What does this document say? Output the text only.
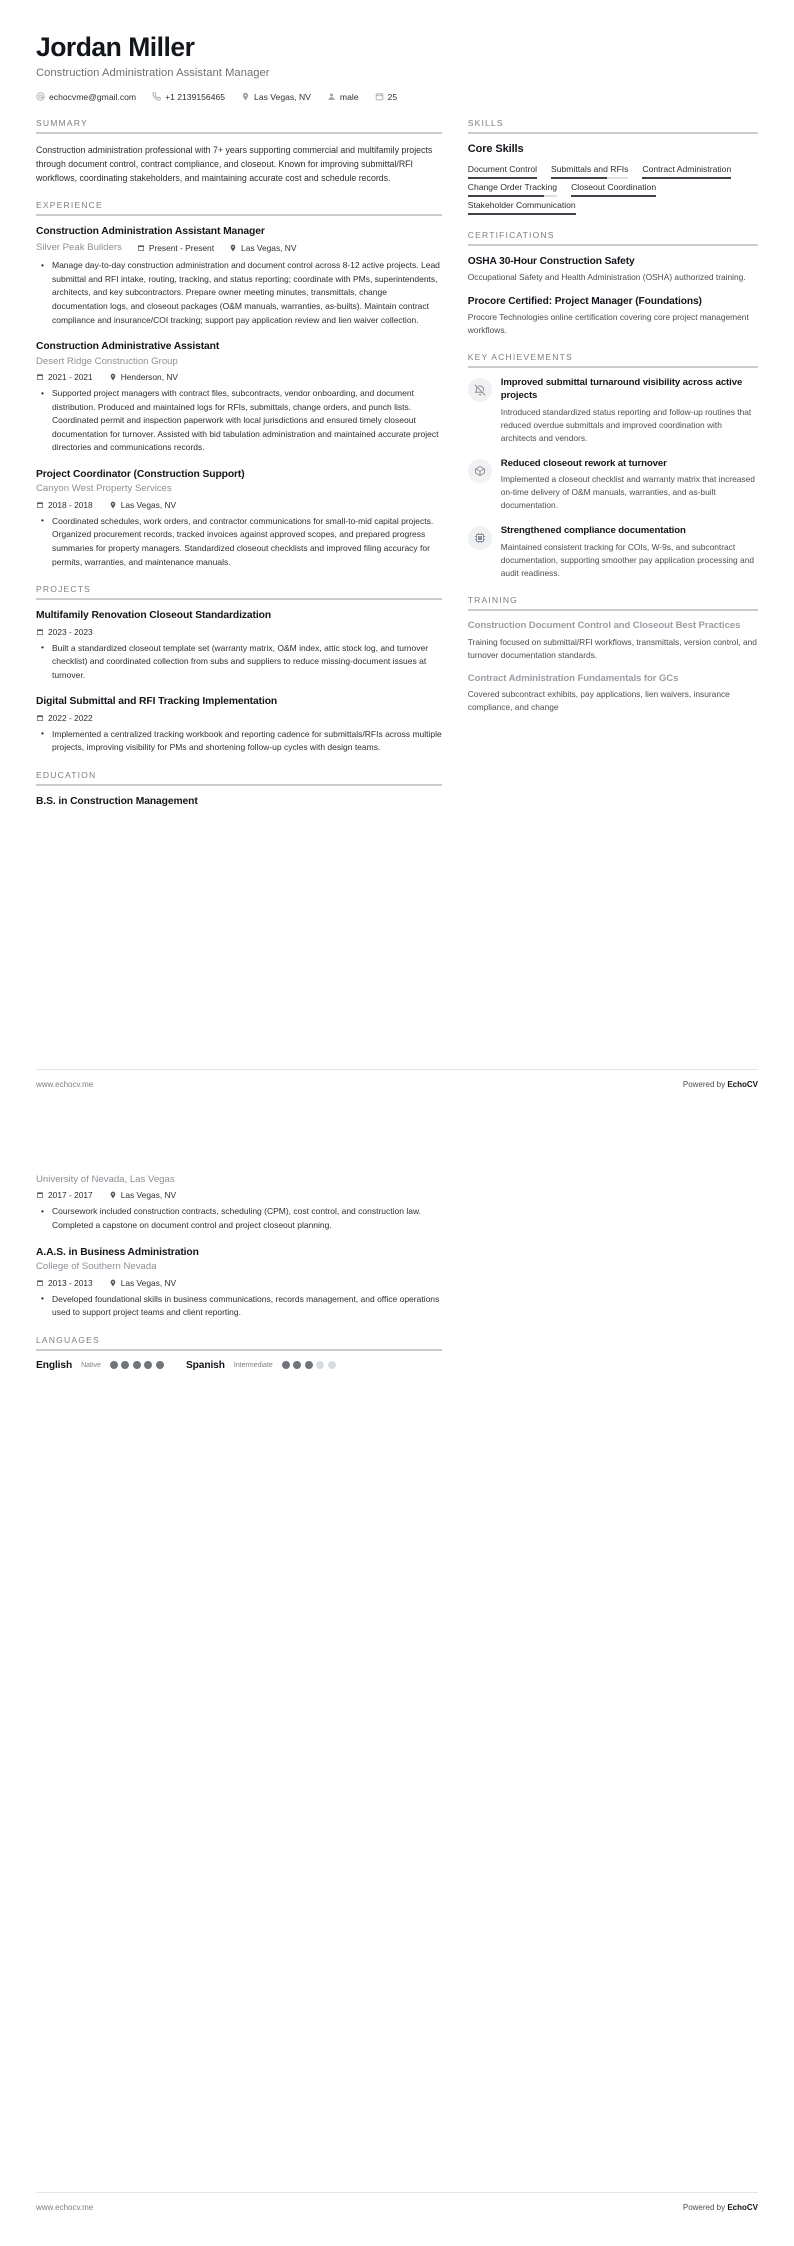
Jordan Miller
Construction Administration Assistant Manager
echocvme@gmail.com	+1 2139156465	Las Vegas, NV	male	25
SUMMARY
Construction administration professional with 7+ years supporting commercial and multifamily projects through document control, contract compliance, and closeout. Known for improving submittal/RFI workflows, coordinating stakeholders, and maintaining accurate cost and schedule records.
EXPERIENCE
Construction Administration Assistant Manager
Silver Peak Builders	Present - Present	Las Vegas, NV
• Manage day-to-day construction administration and document control across 8-12 active projects. Lead submittal and RFI intake, routing, tracking, and status reporting; coordinate with PMs, superintendents, architects, and key subcontractors. Prepare owner meeting minutes, transmittals, change documentation logs, and closeout packages (O&M manuals, warranties, as-builts). Maintain contract compliance and insurance/COI tracking; support pay application review and lien waiver collection.
Construction Administrative Assistant
Desert Ridge Construction Group
2021 - 2021	Henderson, NV
• Supported project managers with contract files, subcontracts, vendor onboarding, and document distribution. Produced and maintained logs for RFIs, submittals, change orders, and punch lists. Coordinated permit and inspection paperwork with local jurisdictions and ensured timely closeout documentation for turnover. Assisted with bid tabulation administration and maintained accurate project directories and communications records.
Project Coordinator (Construction Support)
Canyon West Property Services
2018 - 2018	Las Vegas, NV
• Coordinated schedules, work orders, and contractor communications for small-to-mid capital projects. Organized procurement records, tracked invoices against approved scopes, and prepared progress summaries for property managers. Standardized closeout checklists and improved filing accuracy for permits, warranties, and maintenance manuals.
PROJECTS
Multifamily Renovation Closeout Standardization
2023 - 2023
• Built a standardized closeout template set (warranty matrix, O&M index, attic stock log, and turnover checklist) and coordinated collection from subs and suppliers to reduce missing-document issues at turnover.
Digital Submittal and RFI Tracking Implementation
2022 - 2022
• Implemented a centralized tracking workbook and reporting cadence for submittals/RFIs across multiple projects, improving visibility for PMs and shortening follow-up cycles with design teams.
EDUCATION
B.S. in Construction Management
SKILLS
Core Skills
Document Control Submittals and RFIs Contract Administration
Change Order Tracking Closeout Coordination
Stakeholder Communication
CERTIFICATIONS
OSHA 30-Hour Construction Safety
Occupational Safety and Health Administration (OSHA) authorized training.
Procore Certified: Project Manager (Foundations)
Procore Technologies online certification covering core project management workflows.
KEY ACHIEVEMENTS
Improved submittal turnaround visibility across active projects
Introduced standardized status reporting and follow-up routines that reduced overdue submittals and improved coordination with architects and vendors.
Reduced closeout rework at turnover
Implemented a closeout checklist and warranty matrix that increased on-time delivery of O&M manuals, warranties, and as-built documentation.
Strengthened compliance documentation
Maintained consistent tracking for COIs, W-9s, and subcontract documentation, supporting smoother pay application processing and audit readiness.
TRAINING
Construction Document Control and Closeout Best Practices
Training focused on submittal/RFI workflows, transmittals, version control, and turnover documentation standards.
Contract Administration Fundamentals for GCs
Covered subcontract exhibits, pay applications, lien waivers, insurance compliance, and change
www.echocv.me	Powered by EchoCV
University of Nevada, Las Vegas
2017 - 2017	Las Vegas, NV
• Coursework included construction contracts, scheduling (CPM), cost control, and construction law. Completed a capstone on document control and project closeout planning.
A.A.S. in Business Administration
College of Southern Nevada
2013 - 2013	Las Vegas, NV
• Developed foundational skills in business communications, records management, and office operations used to support project teams and client reporting.
LANGUAGES
English Native	Spanish Intermediate
www.echocv.me	Powered by EchoCV
